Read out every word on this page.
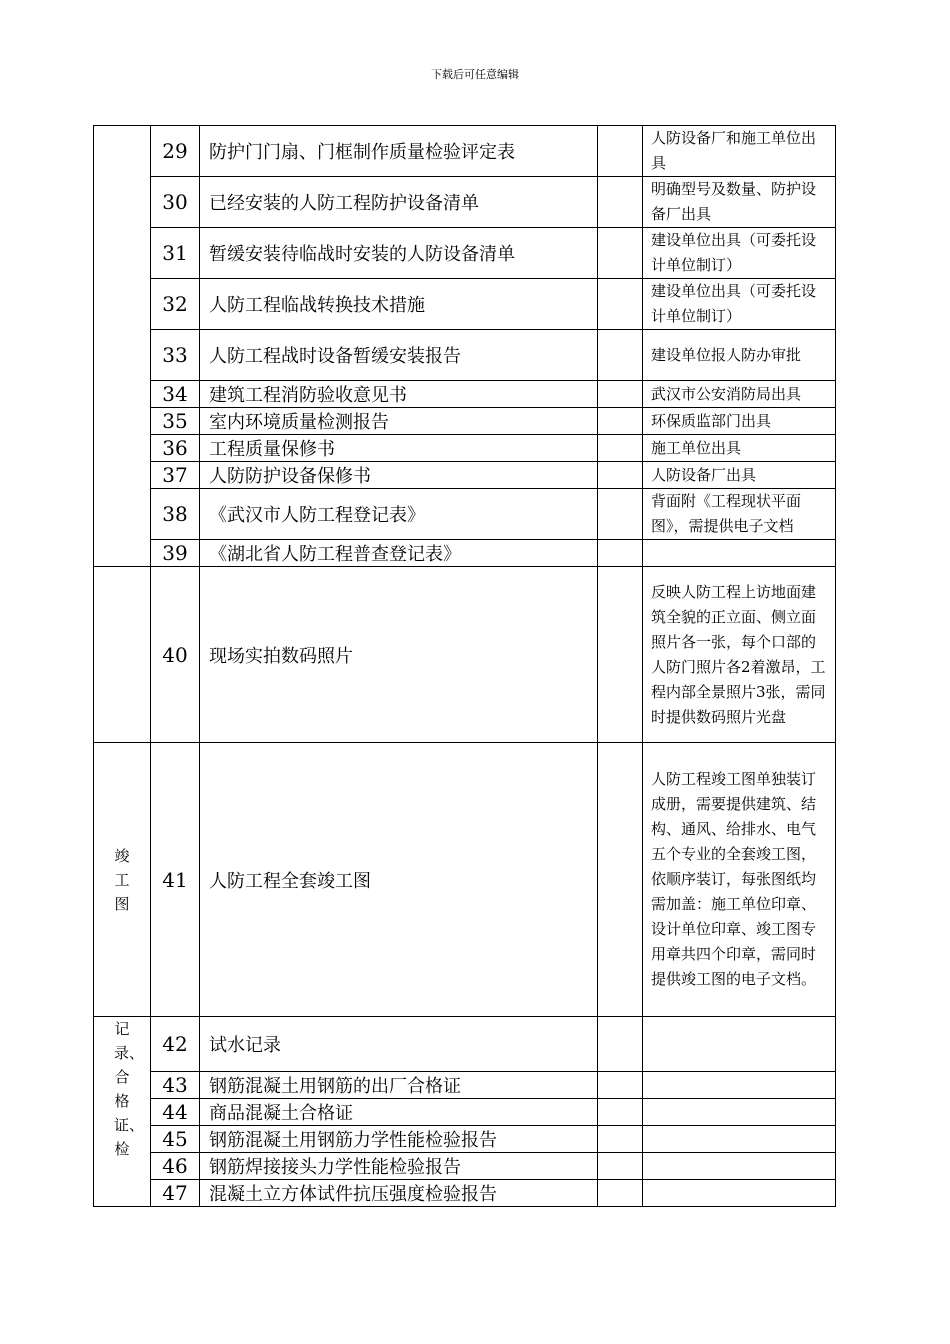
下载后可任意编辑
	29	防护门门扇、门框制作质量检验评定表		人防设备厂和施工单位出具
	30	已经安装的人防工程防护设备清单		明确型号及数量、防护设备厂出具
	31	暂缓安装待临战时安装的人防设备清单		建设单位出具（可委托设计单位制订）
	32	人防工程临战转换技术措施		建设单位出具（可委托设计单位制订）
	33	人防工程战时设备暂缓安装报告		建设单位报人防办审批
	34	建筑工程消防验收意见书		武汉市公安消防局出具
	35	室内环境质量检测报告		环保质监部门出具
	36	工程质量保修书		施工单位出具
	37	人防防护设备保修书		人防设备厂出具
	38	《武汉市人防工程登记表》		背面附《工程现状平面图》，需提供电子文档
	39	《湖北省人防工程普查登记表》		
	40	现场实拍数码照片		反映人防工程上访地面建筑全貌的正立面、侧立面照片各一张，每个口部的人防门照片各2着激昂，工程内部全景照片3张，需同时提供数码照片光盘
竣工图	41	人防工程全套竣工图		人防工程竣工图单独装订成册，需要提供建筑、结构、通风、给排水、电气五个专业的全套竣工图，依顺序装订，每张图纸均需加盖：施工单位印章、设计单位印章、竣工图专用章共四个印章，需同时提供竣工图的电子文档。
记录、合格证、检	42	试水记录		
	43	钢筋混凝土用钢筋的出厂合格证		
	44	商品混凝土合格证		
	45	钢筋混凝土用钢筋力学性能检验报告		
	46	钢筋焊接接头力学性能检验报告		
	47	混凝土立方体试件抗压强度检验报告		
